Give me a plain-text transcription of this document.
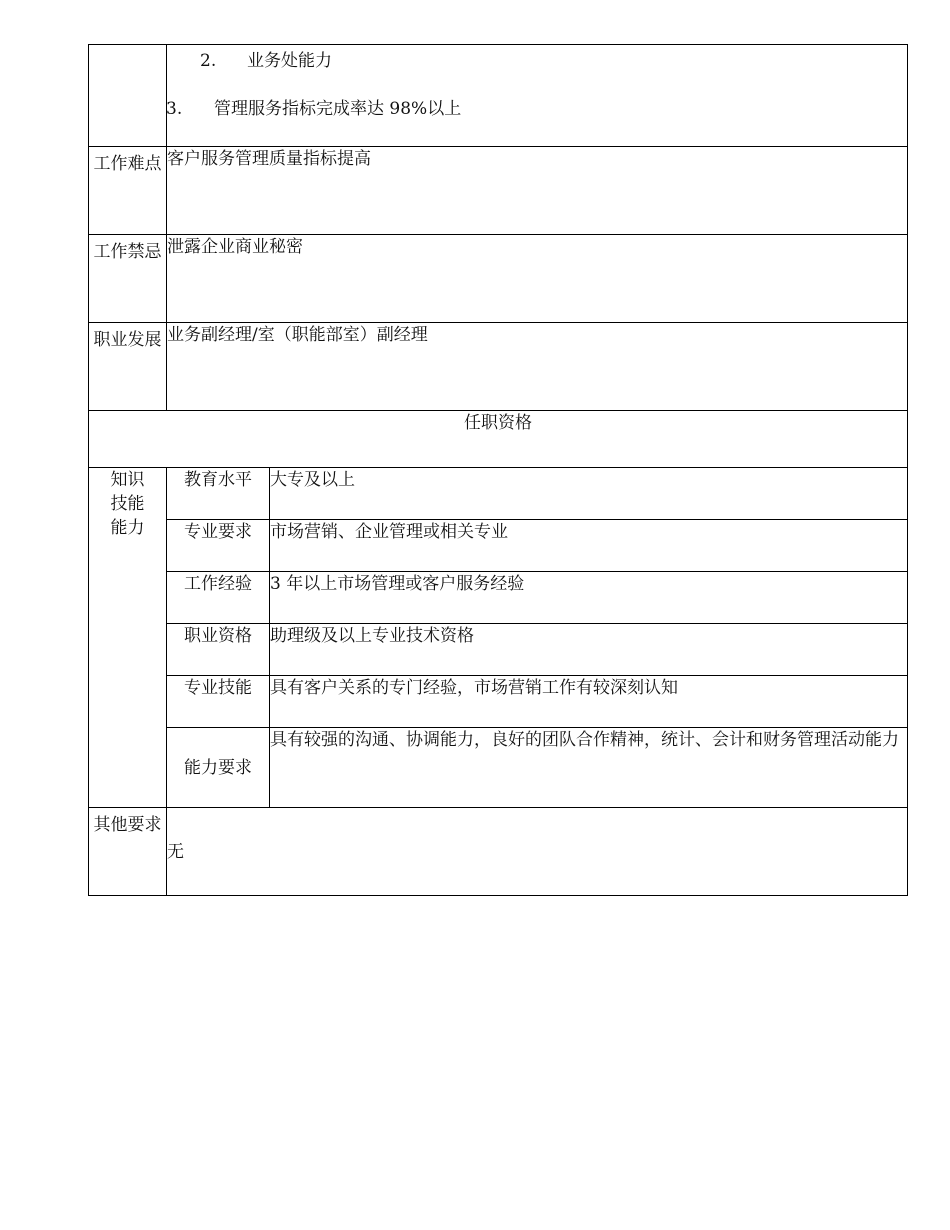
	2. 业务处能力
3. 管理服务指标完成率达 98%以上	

工作难点	客户服务管理质量指标提高	

工作禁忌	泄露企业商业秘密	

职业发展	业务副经理/室（职能部室）副经理	
任职资格		

知识技能能力	教育水平	大专及以上
	专业要求	市场营销、企业管理或相关专业
	工作经验	3 年以上市场管理或客户服务经验
	职业资格	助理级及以上专业技术资格
	专业技能	具有客户关系的专门经验，市场营销工作有较深刻认知
	能力要求	具有较强的沟通、协调能力，良好的团队合作精神，统计、会计和财务管理活动能力

其他要求	无	
